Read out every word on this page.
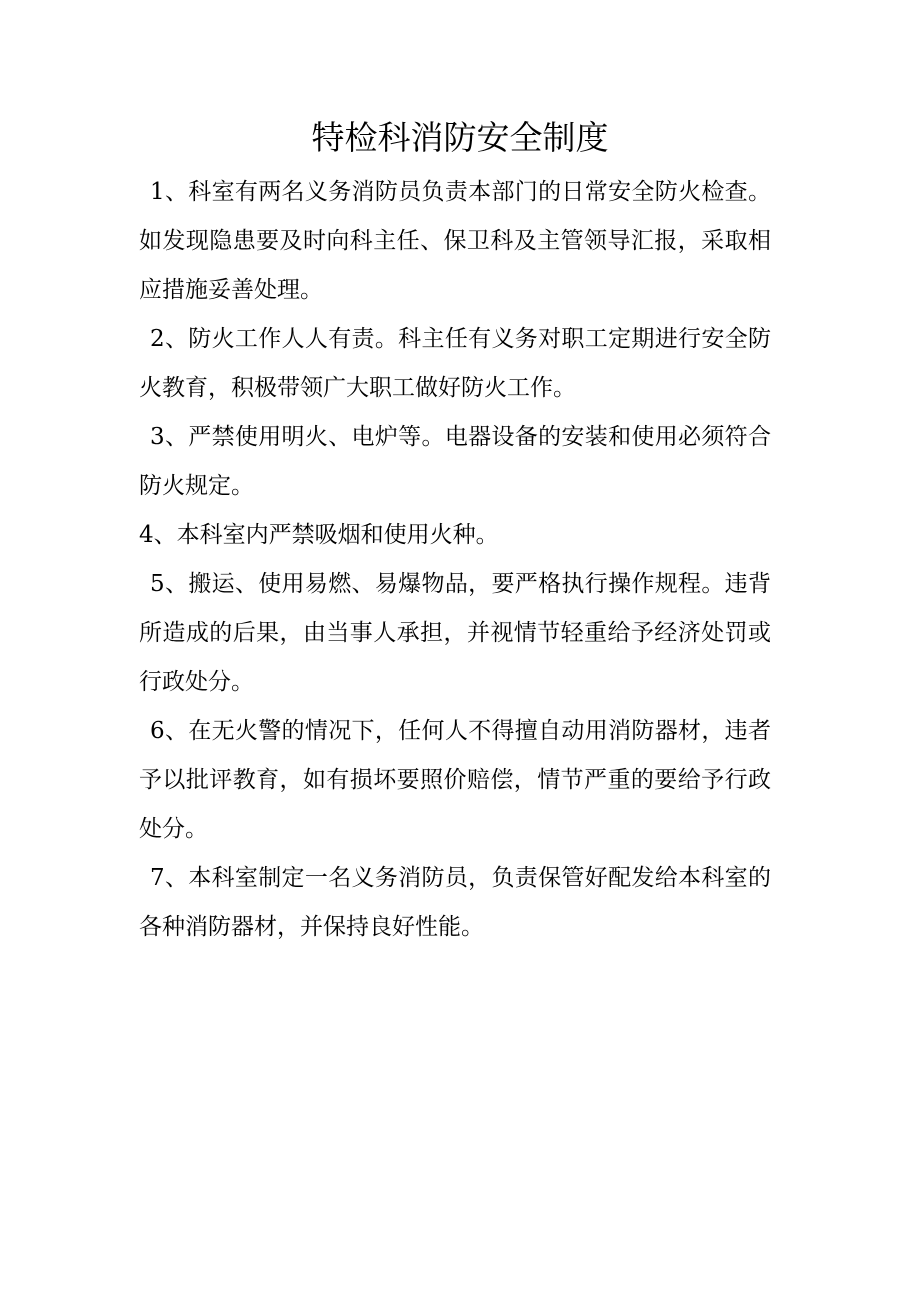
特检科消防安全制度

1、科室有两名义务消防员负责本部门的日常安全防火检查。如发现隐患要及时向科主任、保卫科及主管领导汇报，采取相应措施妥善处理。

2、防火工作人人有责。科主任有义务对职工定期进行安全防火教育，积极带领广大职工做好防火工作。

3、严禁使用明火、电炉等。电器设备的安装和使用必须符合防火规定。

4、本科室内严禁吸烟和使用火种。

5、搬运、使用易燃、易爆物品，要严格执行操作规程。违背所造成的后果，由当事人承担，并视情节轻重给予经济处罚或行政处分。

6、在无火警的情况下，任何人不得擅自动用消防器材，违者予以批评教育，如有损坏要照价赔偿，情节严重的要给予行政处分。

7、本科室制定一名义务消防员，负责保管好配发给本科室的各种消防器材，并保持良好性能。
